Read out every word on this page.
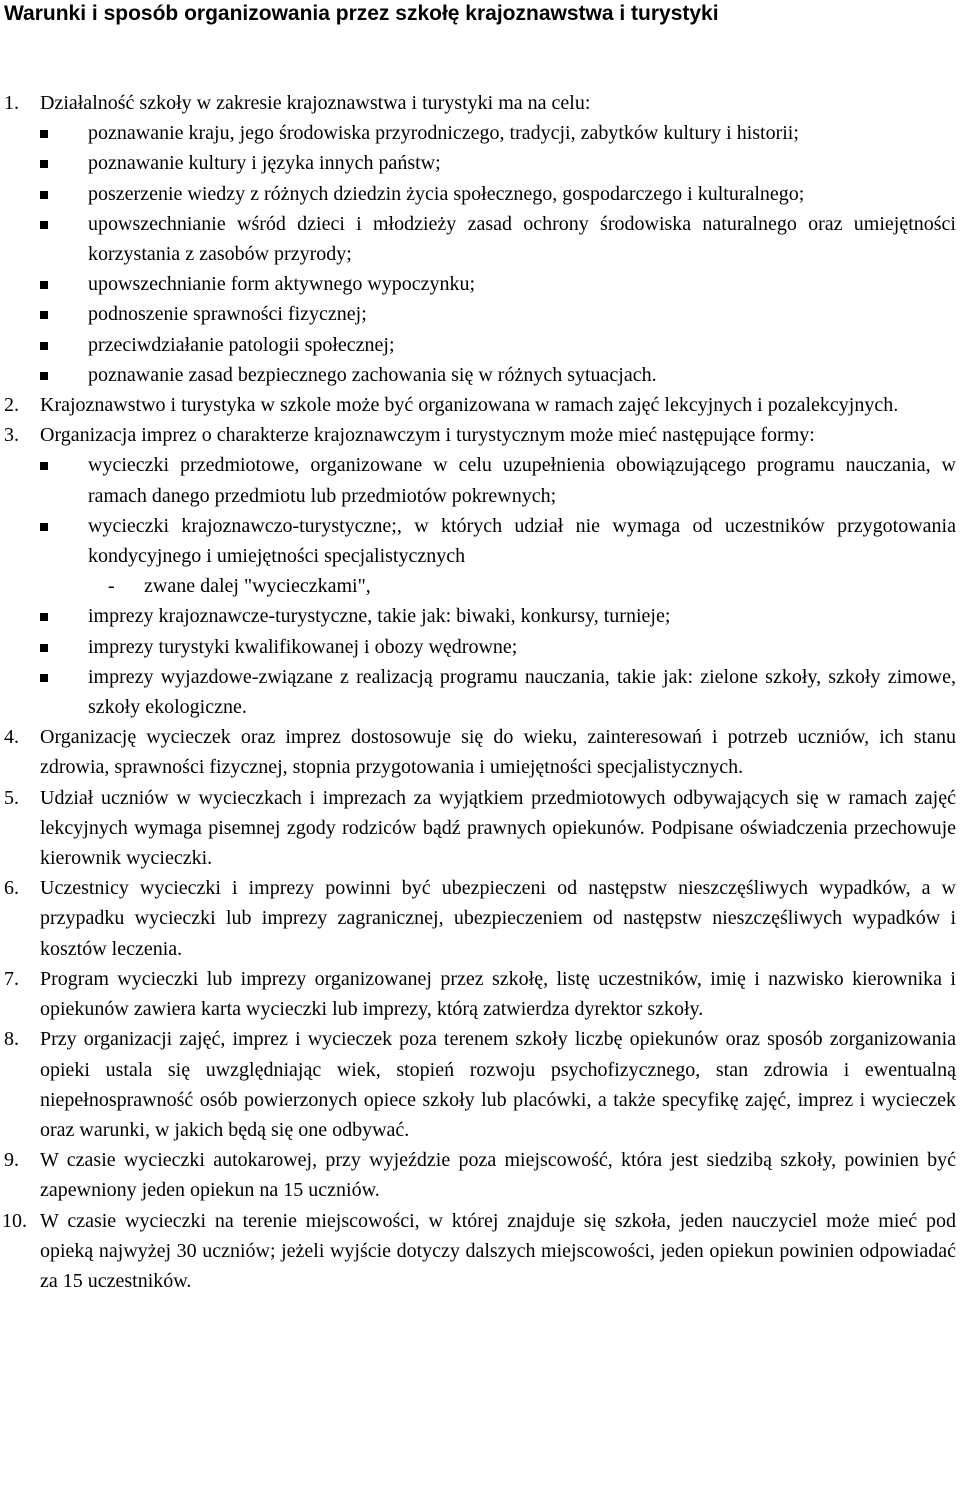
Warunki i sposób organizowania przez szkołę krajoznawstwa i turystyki
1. Działalność szkoły w zakresie krajoznawstwa i turystyki ma na celu:
poznawanie kraju, jego środowiska przyrodniczego, tradycji, zabytków kultury i historii;
poznawanie kultury i języka innych państw;
poszerzenie wiedzy z różnych dziedzin życia społecznego, gospodarczego i kulturalnego;
upowszechnianie wśród dzieci i młodzieży zasad ochrony środowiska naturalnego oraz umiejętności korzystania z zasobów przyrody;
upowszechnianie form aktywnego wypoczynku;
podnoszenie sprawności fizycznej;
przeciwdziałanie patologii społecznej;
poznawanie zasad bezpiecznego zachowania się w różnych sytuacjach.
2. Krajoznawstwo i turystyka w szkole może być organizowana w ramach zajęć lekcyjnych i pozalekcyjnych.
3. Organizacja imprez o charakterze krajoznawczym i turystycznym może mieć następujące formy:
wycieczki przedmiotowe, organizowane w celu uzupełnienia obowiązującego programu nauczania, w ramach danego przedmiotu lub przedmiotów pokrewnych;
wycieczki krajoznawczo-turystyczne;, w których udział nie wymaga od uczestników przygotowania kondycyjnego i umiejętności specjalistycznych
- zwane dalej "wycieczkami",
imprezy krajoznawcze-turystyczne, takie jak: biwaki, konkursy, turnieje;
imprezy turystyki kwalifikowanej i obozy wędrowne;
imprezy wyjazdowe-związane z realizacją programu nauczania, takie jak: zielone szkoły, szkoły zimowe, szkoły ekologiczne.
4. Organizację wycieczek oraz imprez dostosowuje się do wieku, zainteresowań i potrzeb uczniów, ich stanu zdrowia, sprawności fizycznej, stopnia przygotowania i umiejętności specjalistycznych.
5. Udział uczniów w wycieczkach i imprezach za wyjątkiem przedmiotowych odbywających się w ramach zajęć lekcyjnych wymaga pisemnej zgody rodziców bądź prawnych opiekunów. Podpisane oświadczenia przechowuje kierownik wycieczki.
6. Uczestnicy wycieczki i imprezy powinni być ubezpieczeni od następstw nieszczęśliwych wypadków, a w przypadku wycieczki lub imprezy zagranicznej, ubezpieczeniem od następstw nieszczęśliwych wypadków i kosztów leczenia.
7. Program wycieczki lub imprezy organizowanej przez szkołę, listę uczestników, imię i nazwisko kierownika i opiekunów zawiera karta wycieczki lub imprezy, którą zatwierdza dyrektor szkoły.
8. Przy organizacji zajęć, imprez i wycieczek poza terenem szkoły liczbę opiekunów oraz sposób zorganizowania opieki ustala się uwzględniając wiek, stopień rozwoju psychofizycznego, stan zdrowia i ewentualną niepełnosprawność osób powierzonych opiece szkoły lub placówki, a także specyfikę zajęć, imprez i wycieczek oraz warunki, w jakich będą się one odbywać.
9. W czasie wycieczki autokarowej, przy wyjeździe poza miejscowość, która jest siedzibą szkoły, powinien być zapewniony jeden opiekun na 15 uczniów.
10. W czasie wycieczki na terenie miejscowości, w której znajduje się szkoła, jeden nauczyciel może mieć pod opieką najwyżej 30 uczniów; jeżeli wyjście dotyczy dalszych miejscowości, jeden opiekun powinien odpowiadać za 15 uczestników.
